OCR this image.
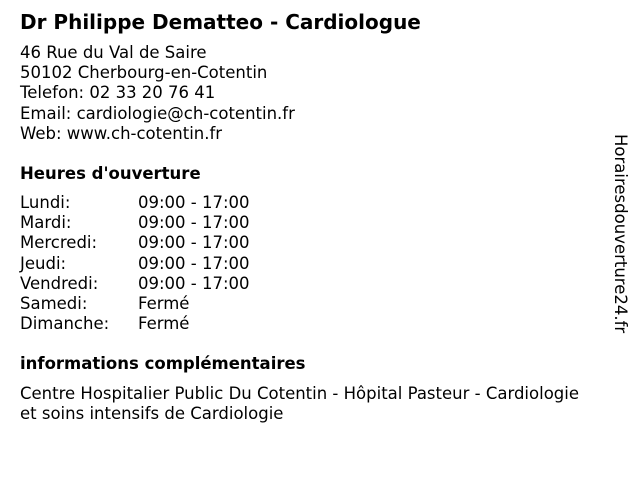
Dr Philippe Dematteo - Cardiologue
46 Rue du Val de Saire
50102 Cherbourg-en-Cotentin
Telefon: 02 33 20 76 41
Email: cardiologie@ch-cotentin.fr
Web: www.ch-cotentin.fr
Heures d'ouverture
Lundi:	09:00 - 17:00
Mardi:	09:00 - 17:00
Mercredi:	09:00 - 17:00
Jeudi:	09:00 - 17:00
Vendredi:	09:00 - 17:00
Samedi:	Fermé
Dimanche:	Fermé
informations complémentaires
Centre Hospitalier Public Du Cotentin - Hôpital Pasteur - Cardiologie
et soins intensifs de Cardiologie
Horairesdouverture24.fr
